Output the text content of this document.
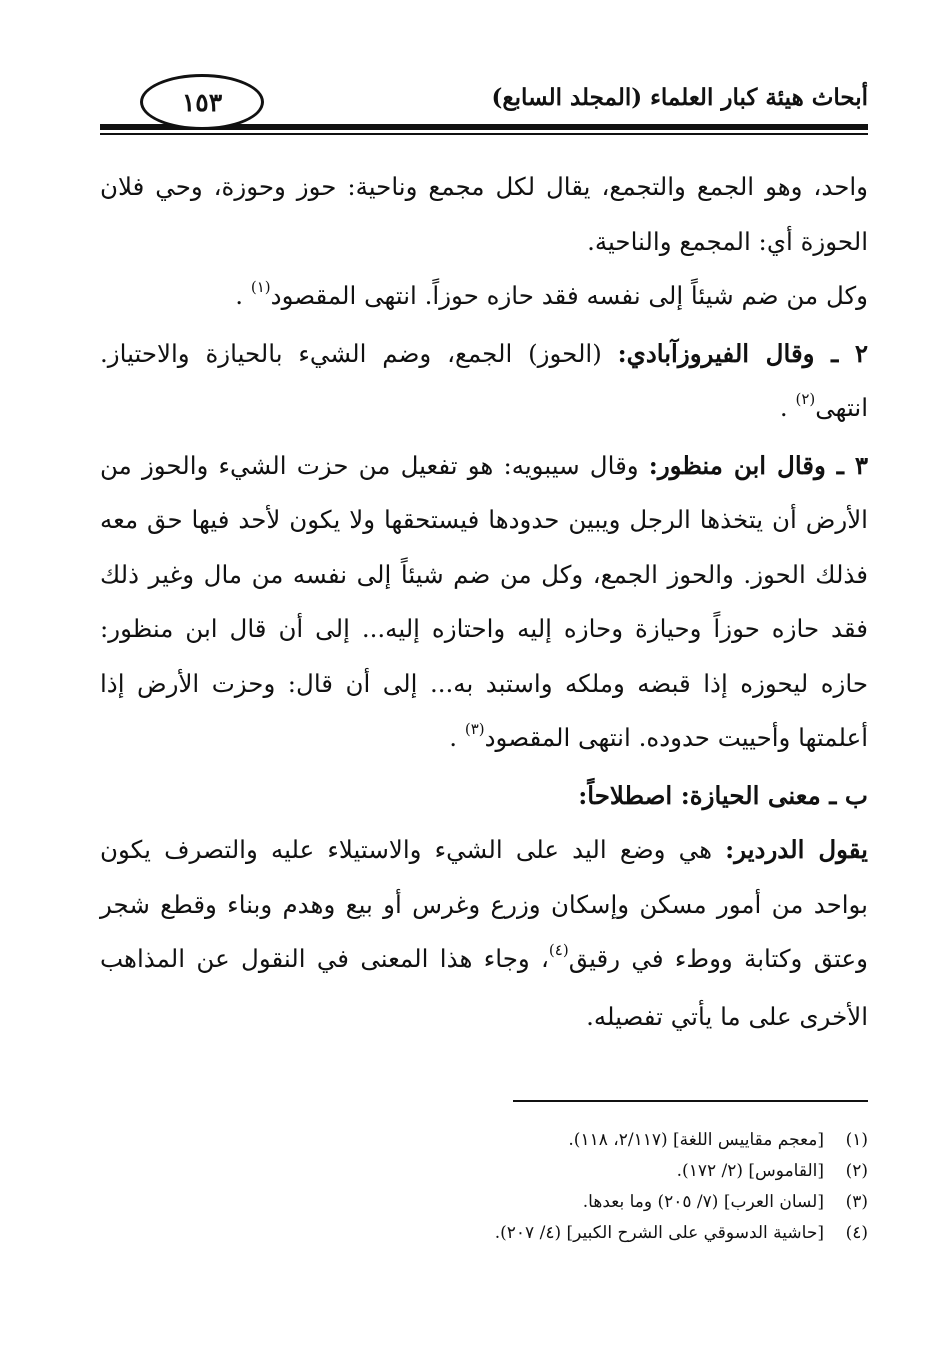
١٥٣	أبحاث هيئة كبار العلماء (المجلد السابع)

واحد، وهو الجمع والتجمع، يقال لكل مجمع وناحية: حوز وحوزة، وحي فلان الحوزة أي: المجمع والناحية.

وكل من ضم شيئاً إلى نفسه فقد حازه حوزاً. انتهى المقصود$^{(١)}$ .

٢ ـ وقال الفيروزآبادي: (الحوز) الجمع، وضم الشيء بالحيازة والاحتياز. انتهى$^{(٢)}$ .

٣ ـ وقال ابن منظور: وقال سيبويه: هو تفعيل من حزت الشيء والحوز من الأرض أن يتخذها الرجل ويبين حدودها فيستحقها ولا يكون لأحد فيها حق معه فذلك الحوز. والحوز الجمع، وكل من ضم شيئاً إلى نفسه من مال وغير ذلك فقد حازه حوزاً وحيازة وحازه إليه واحتازه إليه... إلى أن قال ابن منظور: حازه ليحوزه إذا قبضه وملكه واستبد به... إلى أن قال: وحزت الأرض إذا أعلمتها وأحييت حدوده. انتهى المقصود$^{(٣)}$ .

ب ـ معنى الحيازة: اصطلاحاً:

يقول الدردير: هي وضع اليد على الشيء والاستيلاء عليه والتصرف يكون بواحد من أمور مسكن وإسكان وزرع وغرس أو بيع وهدم وبناء وقطع شجر وعتق وكتابة ووطء في رقيق$^{(٤)}$، وجاء هذا المعنى في النقول عن المذاهب الأخرى على ما يأتي تفصيله.

(١)
[معجم مقاييس اللغة] (٢/١١٧، ١١٨).
(٢)
[القاموس] (٢/ ١٧٢).
(٣)
[لسان العرب] (٧/ ٢٠٥) وما بعدها.
(٤)
[حاشية الدسوقي على الشرح الكبير] (٤/ ٢٠٧).
